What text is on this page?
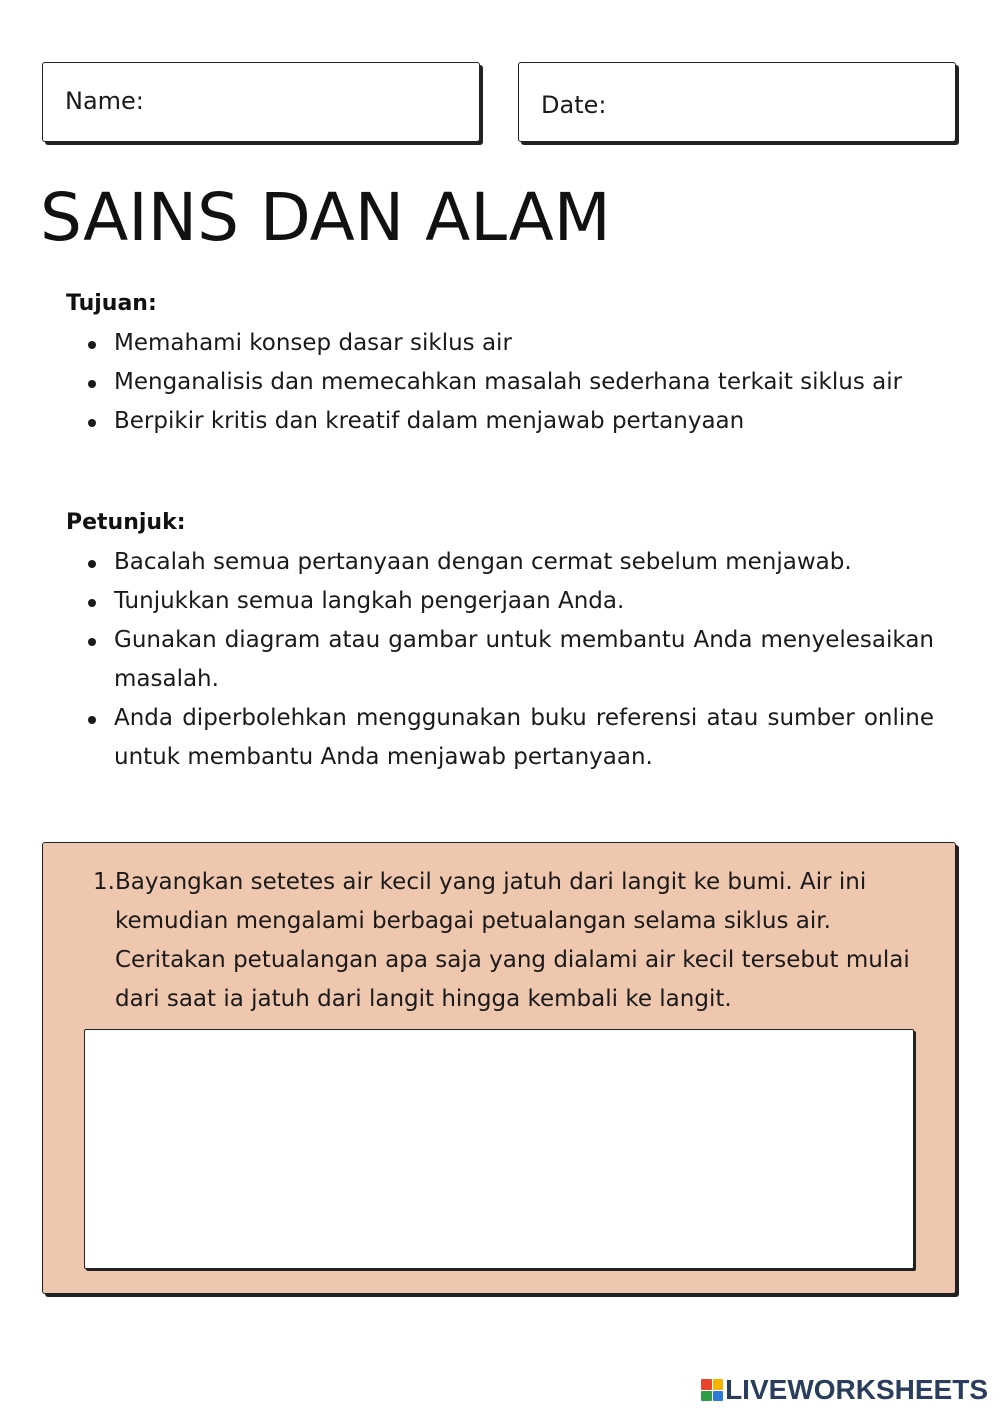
Name:	Date:
SAINS DAN ALAM
Tujuan:
Memahami konsep dasar siklus air
Menganalisis dan memecahkan masalah sederhana terkait siklus air
Berpikir kritis dan kreatif dalam menjawab pertanyaan
Petunjuk:
Bacalah semua pertanyaan dengan cermat sebelum menjawab.
Tunjukkan semua langkah pengerjaan Anda.
Gunakan diagram atau gambar untuk membantu Anda menyelesaikan masalah.
Anda diperbolehkan menggunakan buku referensi atau sumber online untuk membantu Anda menjawab pertanyaan.
1. Bayangkan setetes air kecil yang jatuh dari langit ke bumi. Air ini kemudian mengalami berbagai petualangan selama siklus air. Ceritakan petualangan apa saja yang dialami air kecil tersebut mulai dari saat ia jatuh dari langit hingga kembali ke langit.

LIVEWORKSHEETS
